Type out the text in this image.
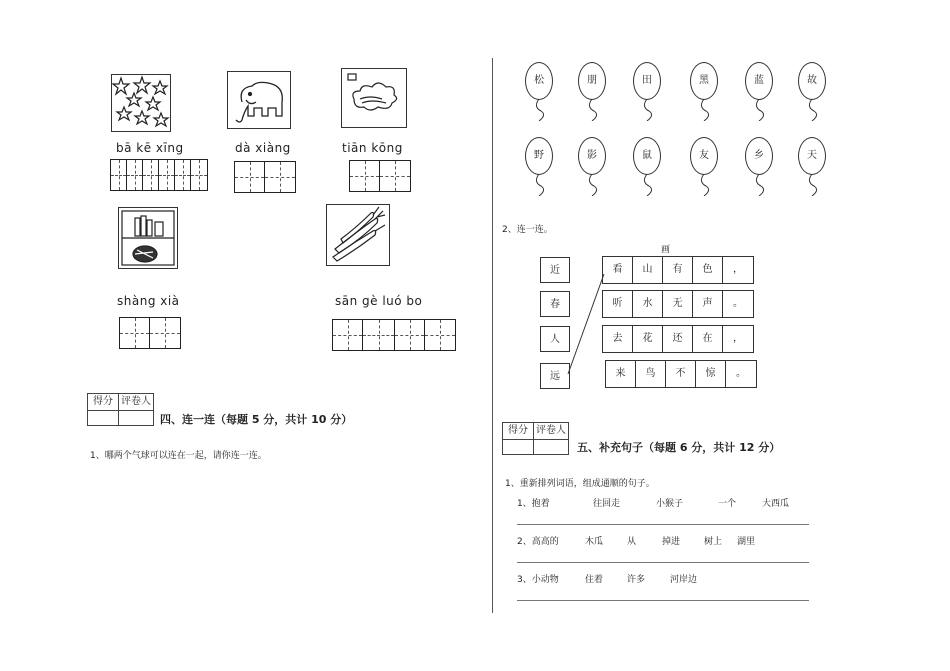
bā kē xīng	dà xiàng	tiān kōng
shàng xià	sān gè luó bo
得分 评卷人
四、连一连（每题 5 分，共计 10 分）
1、哪两个气球可以连在一起，请你连一连。
松	朋	田	黑	蓝	故
野	影	鼠	友	乡	天
2、连一连。
画
近
春
人
远
看	山	有	色	，
听	水	无	声	。
去	花	还	在	，
来	鸟	不	惊	。
得分 评卷人
五、补充句子（每题 6 分，共计 12 分）
1、重新排列词语，组成通顺的句子。
1、抱着	往回走	小猴子	一个	大西瓜
2、高高的	木瓜	从	掉进	树上 湖里
3、小动物	住着	许多	河岸边
